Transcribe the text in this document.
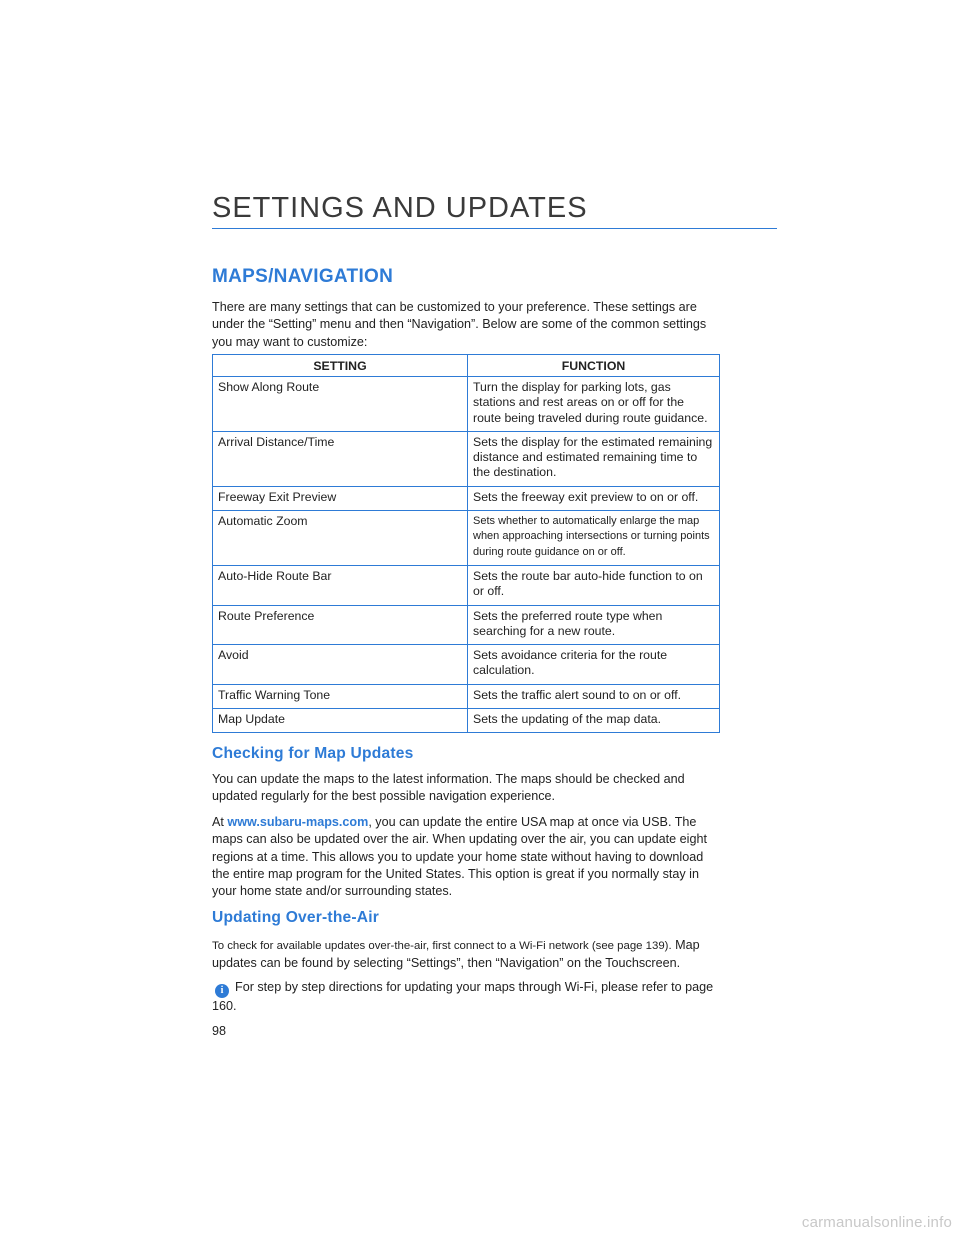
SETTINGS AND UPDATES
MAPS/NAVIGATION
There are many settings that can be customized to your preference. These settings are under the “Setting” menu and then “Navigation”. Below are some of the common settings you may want to customize:
SETTING	FUNCTION
Show Along Route	Turn the display for parking lots, gas stations and rest areas on or off for the route being traveled during route guidance.
Arrival Distance/Time	Sets the display for the estimated remaining distance and estimated remaining time to the destination.
Freeway Exit Preview	Sets the freeway exit preview to on or off.
Automatic Zoom	Sets whether to automatically enlarge the map when approaching intersections or turning points during route guidance on or off.
Auto-Hide Route Bar	Sets the route bar auto-hide function to on or off.
Route Preference	Sets the preferred route type when searching for a new route.
Avoid	Sets avoidance criteria for the route calculation.
Traffic Warning Tone	Sets the traffic alert sound to on or off.
Map Update	Sets the updating of the map data.
Checking for Map Updates
You can update the maps to the latest information. The maps should be checked and updated regularly for the best possible navigation experience.
At www.subaru-maps.com, you can update the entire USA map at once via USB. The maps can also be updated over the air. When updating over the air, you can update eight regions at a time. This allows you to update your home state without having to download the entire map program for the United States. This option is great if you normally stay in your home state and/or surrounding states.
Updating Over-the-Air
To check for available updates over-the-air, first connect to a Wi-Fi network (see page 139). Map updates can be found by selecting “Settings”, then “Navigation” on the Touchscreen.
i For step by step directions for updating your maps through Wi-Fi, please refer to page 160.
98
carmanualsonline.info
